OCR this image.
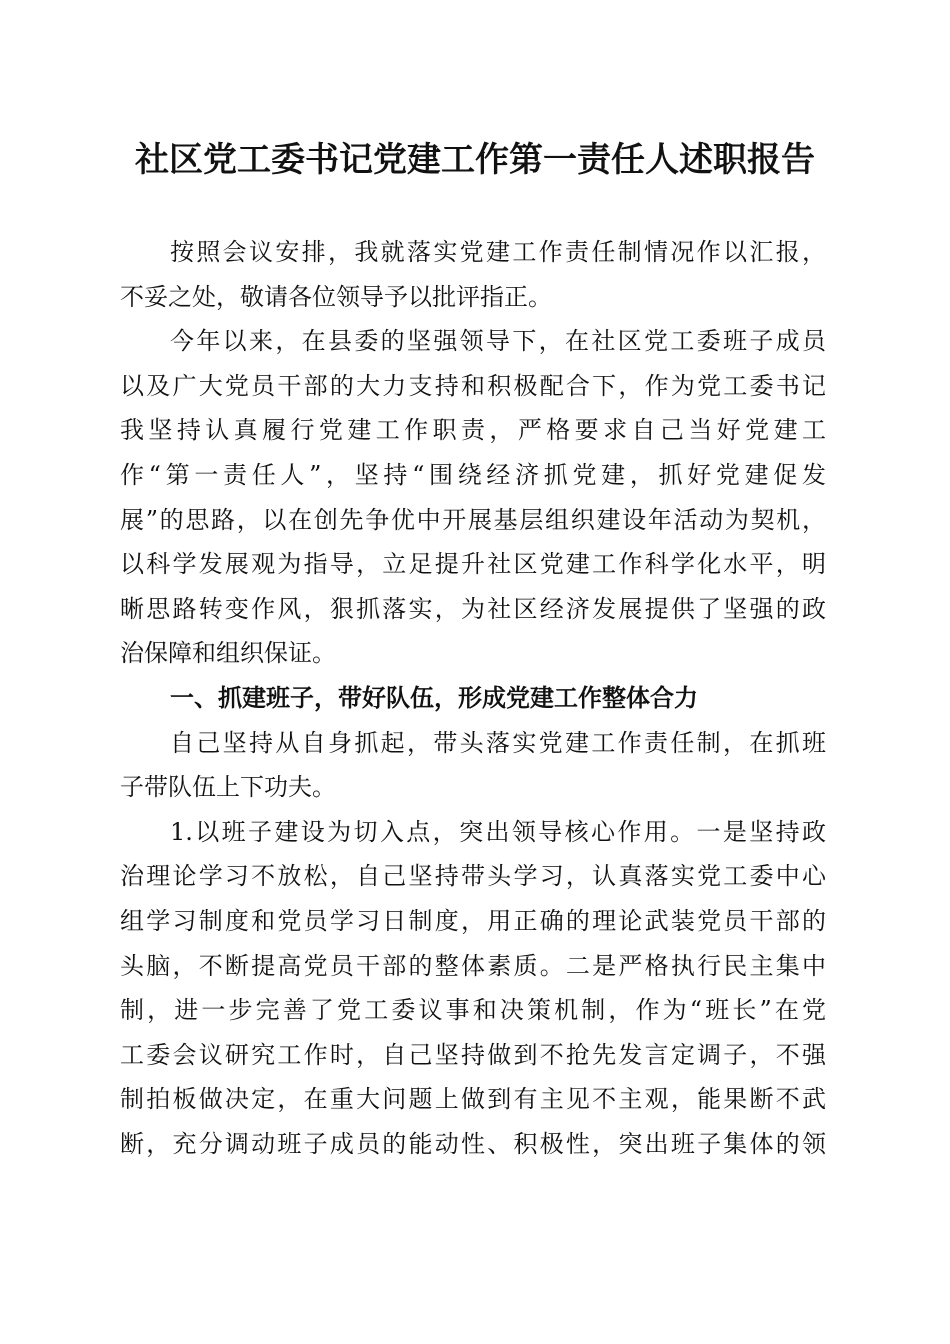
社区党工委书记党建工作第一责任人述职报告
按照会议安排，我就落实党建工作责任制情况作以汇报，
不妥之处，敬请各位领导予以批评指正。
今年以来，在县委的坚强领导下，在社区党工委班子成员
以及广大党员干部的大力支持和积极配合下，作为党工委书记
我坚持认真履行党建工作职责，严格要求自己当好党建工
作“第一责任人”，坚持“围绕经济抓党建，抓好党建促发
展”的思路，以在创先争优中开展基层组织建设年活动为契机，
以科学发展观为指导，立足提升社区党建工作科学化水平，明
晰思路转变作风，狠抓落实，为社区经济发展提供了坚强的政
治保障和组织保证。
一、抓建班子，带好队伍，形成党建工作整体合力
自己坚持从自身抓起，带头落实党建工作责任制，在抓班
子带队伍上下功夫。
1.以班子建设为切入点，突出领导核心作用。一是坚持政
治理论学习不放松，自己坚持带头学习，认真落实党工委中心
组学习制度和党员学习日制度，用正确的理论武装党员干部的
头脑，不断提高党员干部的整体素质。二是严格执行民主集中
制，进一步完善了党工委议事和决策机制，作为“班长”在党
工委会议研究工作时，自己坚持做到不抢先发言定调子，不强
制拍板做决定，在重大问题上做到有主见不主观，能果断不武
断，充分调动班子成员的能动性、积极性，突出班子集体的领
